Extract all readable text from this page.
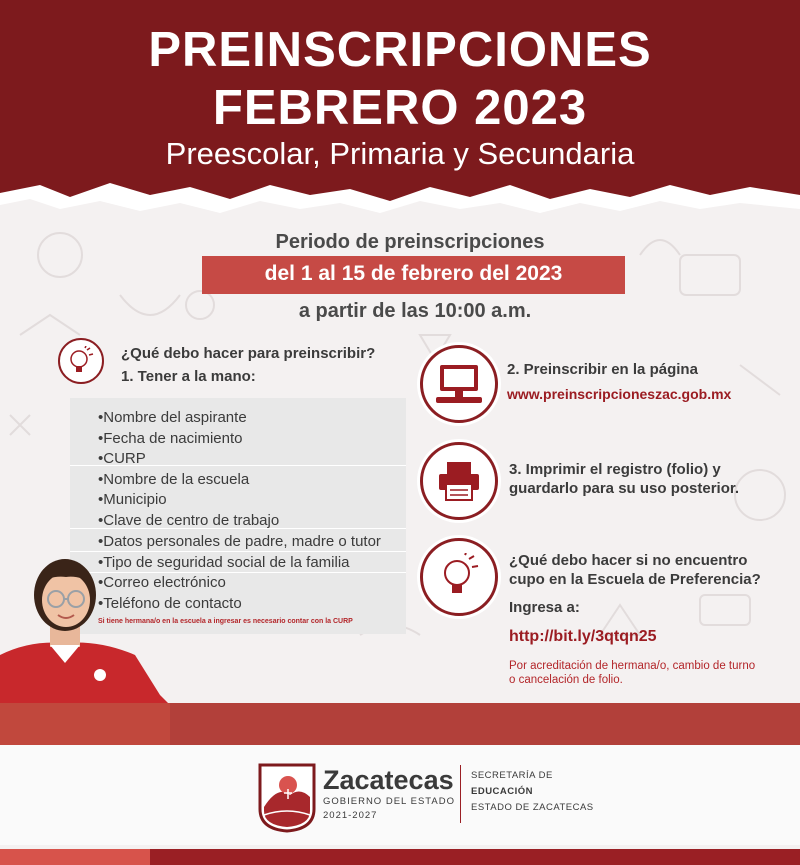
PREINSCRIPCIONES
FEBRERO 2023
Preescolar, Primaria y Secundaria
Periodo de preinscripciones
del 1 al 15 de febrero del 2023
a partir de las 10:00 a.m.
¿Qué debo hacer para preinscribir?
1. Tener a la mano:
•Nombre del aspirante
•Fecha de nacimiento
•CURP
•Nombre de la escuela
•Municipio
•Clave de centro de trabajo
•Datos personales de padre, madre o tutor
•Tipo de seguridad social de la familia
•Correo electrónico
•Teléfono de contacto
Si tiene hermana/o en la escuela a ingresar es necesario contar con la CURP
2. Preinscribir en la página
www.preinscripcioneszac.gob.mx
3. Imprimir el registro (folio) y
guardarlo para su uso posterior.
¿Qué debo hacer si no encuentro
cupo en la Escuela de Preferencia?
Ingresa a:
http://bit.ly/3qtqn25
Por acreditación de hermana/o, cambio de turno
o cancelación de folio.
Zacatecas
GOBIERNO DEL ESTADO
2021-2027
SECRETARÍA DE
EDUCACIÓN
ESTADO DE ZACATECAS
